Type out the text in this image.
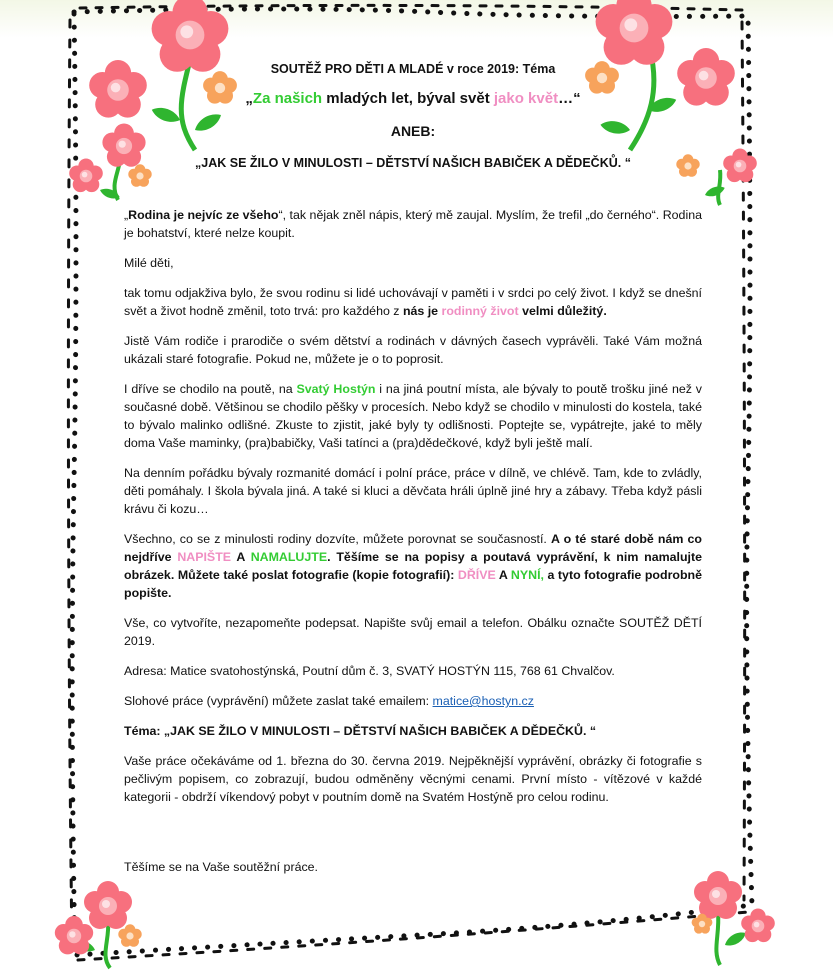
SOUTĚŽ PRO DĚTI A MLADÉ v roce 2019: Téma
„Za našich mladých let, býval svět jako květ…“
ANEB:
„JAK SE ŽILO V MINULOSTI – DĚTSTVÍ NAŠICH BABIČEK A DĚDEČKŮ. “

„Rodina je nejvíc ze všeho“, tak nějak zněl nápis, který mě zaujal. Myslím, že trefil „do černého“. Rodina je bohatství, které nelze koupit.

Milé děti,

tak tomu odjakživa bylo, že svou rodinu si lidé uchovávají v paměti i v srdci po celý život. I když se dnešní svět a život hodně změnil, toto trvá: pro každého z nás je rodinný život velmi důležitý.

Jistě Vám rodiče i prarodiče o svém dětství a rodinách v dávných časech vyprávěli. Také Vám možná ukázali staré fotografie. Pokud ne, můžete je o to poprosit.

I dříve se chodilo na poutě, na Svatý Hostýn i na jiná poutní místa, ale bývaly to poutě trošku jiné než v současné době. Většinou se chodilo pěšky v procesích. Nebo když se chodilo v minulosti do kostela, také to bývalo malinko odlišné. Zkuste to zjistit, jaké byly ty odlišnosti. Poptejte se, vypátrejte, jaké to měly doma Vaše maminky, (pra)babičky, Vaši tatínci a (pra)dědečkové, když byli ještě malí.

Na denním pořádku bývaly rozmanité domácí i polní práce, práce v dílně, ve chlévě. Tam, kde to zvládly, děti pomáhaly. I škola bývala jiná. A také si kluci a děvčata hráli úplně jiné hry a zábavy. Třeba když pásli krávu či kozu…

Všechno, co se z minulosti rodiny dozvíte, můžete porovnat se současností. A o té staré době nám co nejdříve NAPIŠTE A NAMALUJTE. Těšíme se na popisy a poutavá vyprávění, k nim namalujte obrázek. Můžete také poslat fotografie (kopie fotografií): DŘÍVE A NYNÍ, a tyto fotografie podrobně popište.

Vše, co vytvoříte, nezapomeňte podepsat. Napište svůj email a telefon. Obálku označte SOUTĚŽ DĚTÍ 2019.

Adresa: Matice svatohostýnská, Poutní dům č. 3, SVATÝ HOSTÝN 115, 768 61 Chvalčov.

Slohové práce (vyprávění) můžete zaslat také emailem: matice@hostyn.cz

Téma: „JAK SE ŽILO V MINULOSTI – DĚTSTVÍ NAŠICH BABIČEK A DĚDEČKŮ. “

Vaše práce očekáváme od 1. března do 30. června 2019. Nejpěknější vyprávění, obrázky či fotografie s pečlivým popisem, co zobrazují, budou odměněny věcnými cenami. První místo - vítězové v každé kategorii - obdrží víkendový pobyt v poutním domě na Svatém Hostýně pro celou rodinu.

Těšíme se na Vaše soutěžní práce.
